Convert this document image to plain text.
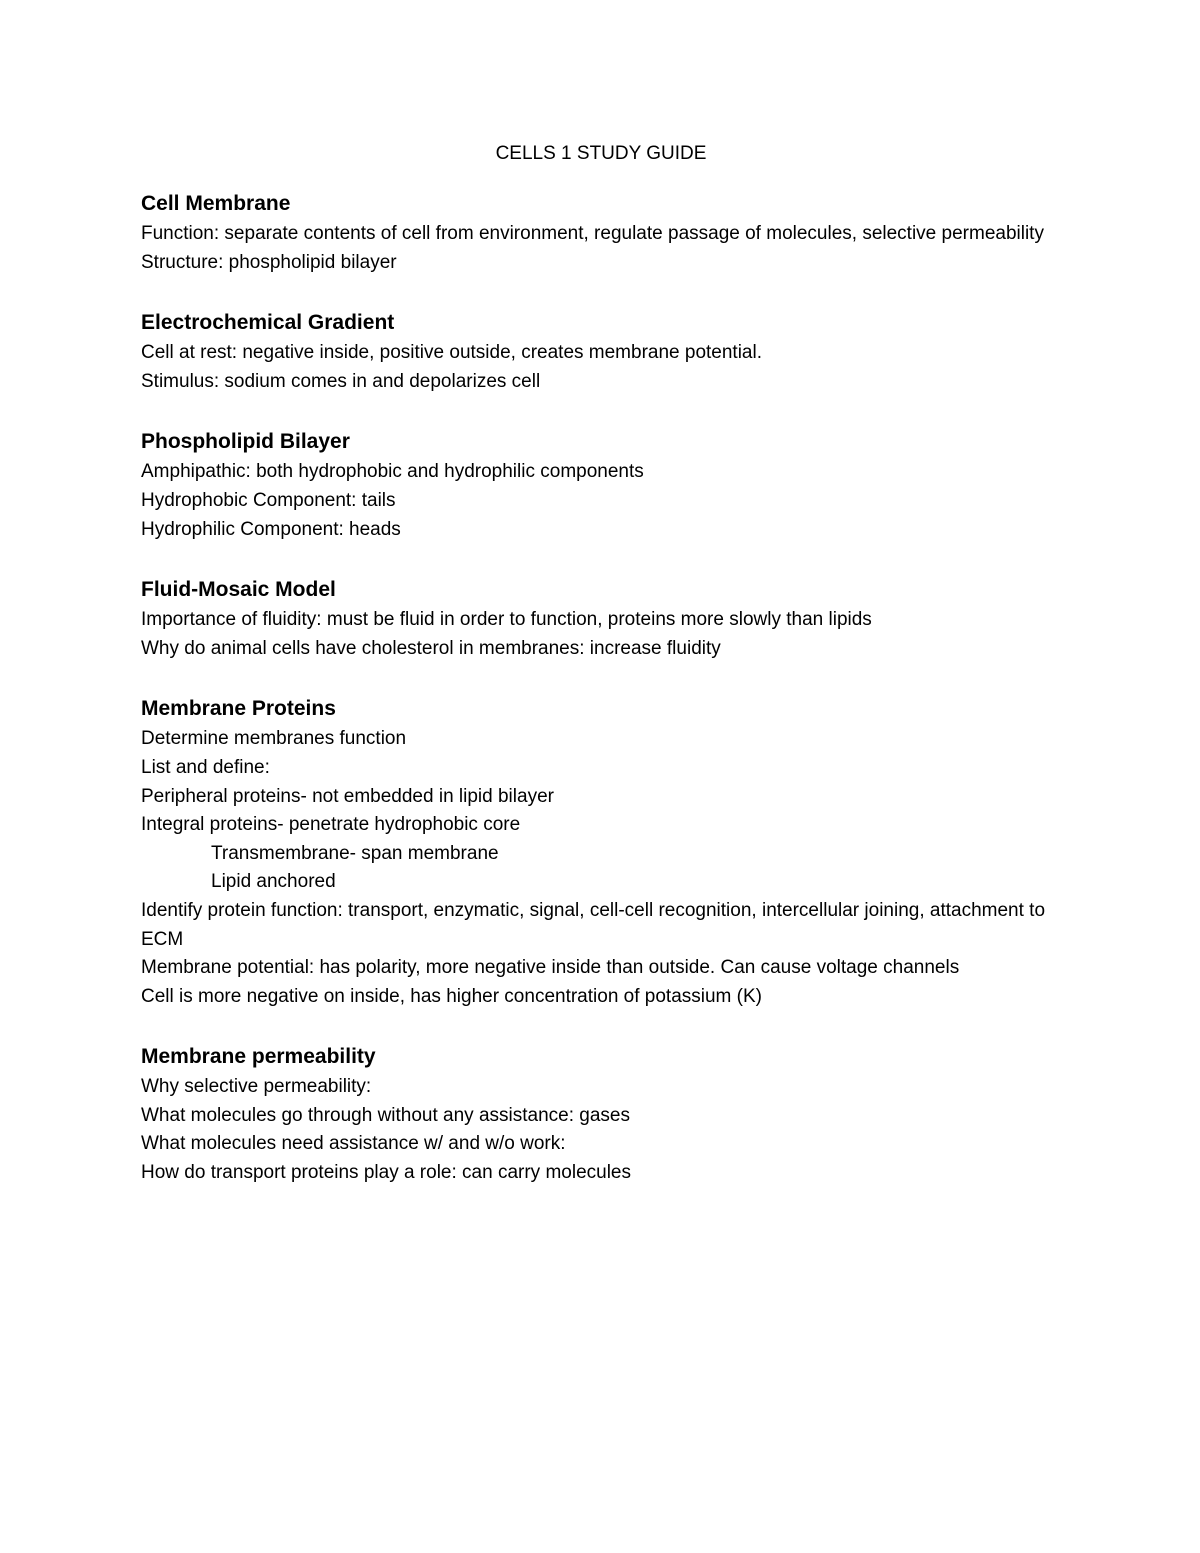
CELLS 1 STUDY GUIDE
Cell Membrane
Function: separate contents of cell from environment, regulate passage of molecules, selective permeability
Structure: phospholipid bilayer
Electrochemical Gradient
Cell at rest: negative inside, positive outside, creates membrane potential.
Stimulus: sodium comes in and depolarizes cell
Phospholipid Bilayer
Amphipathic: both hydrophobic and hydrophilic components
Hydrophobic Component: tails
Hydrophilic Component: heads
Fluid-Mosaic Model
Importance of fluidity: must be fluid in order to function, proteins more slowly than lipids
Why do animal cells have cholesterol in membranes: increase fluidity
Membrane Proteins
Determine membranes function
List and define:
Peripheral proteins- not embedded in lipid bilayer
Integral proteins- penetrate hydrophobic core
Transmembrane- span membrane
Lipid anchored
Identify protein function: transport, enzymatic, signal, cell-cell recognition, intercellular joining, attachment to ECM
Membrane potential: has polarity, more negative inside than outside. Can cause voltage channels
Cell is more negative on inside, has higher concentration of potassium (K)
Membrane permeability
Why selective permeability:
What molecules go through without any assistance: gases
What molecules need assistance w/ and w/o work:
How do transport proteins play a role: can carry molecules
